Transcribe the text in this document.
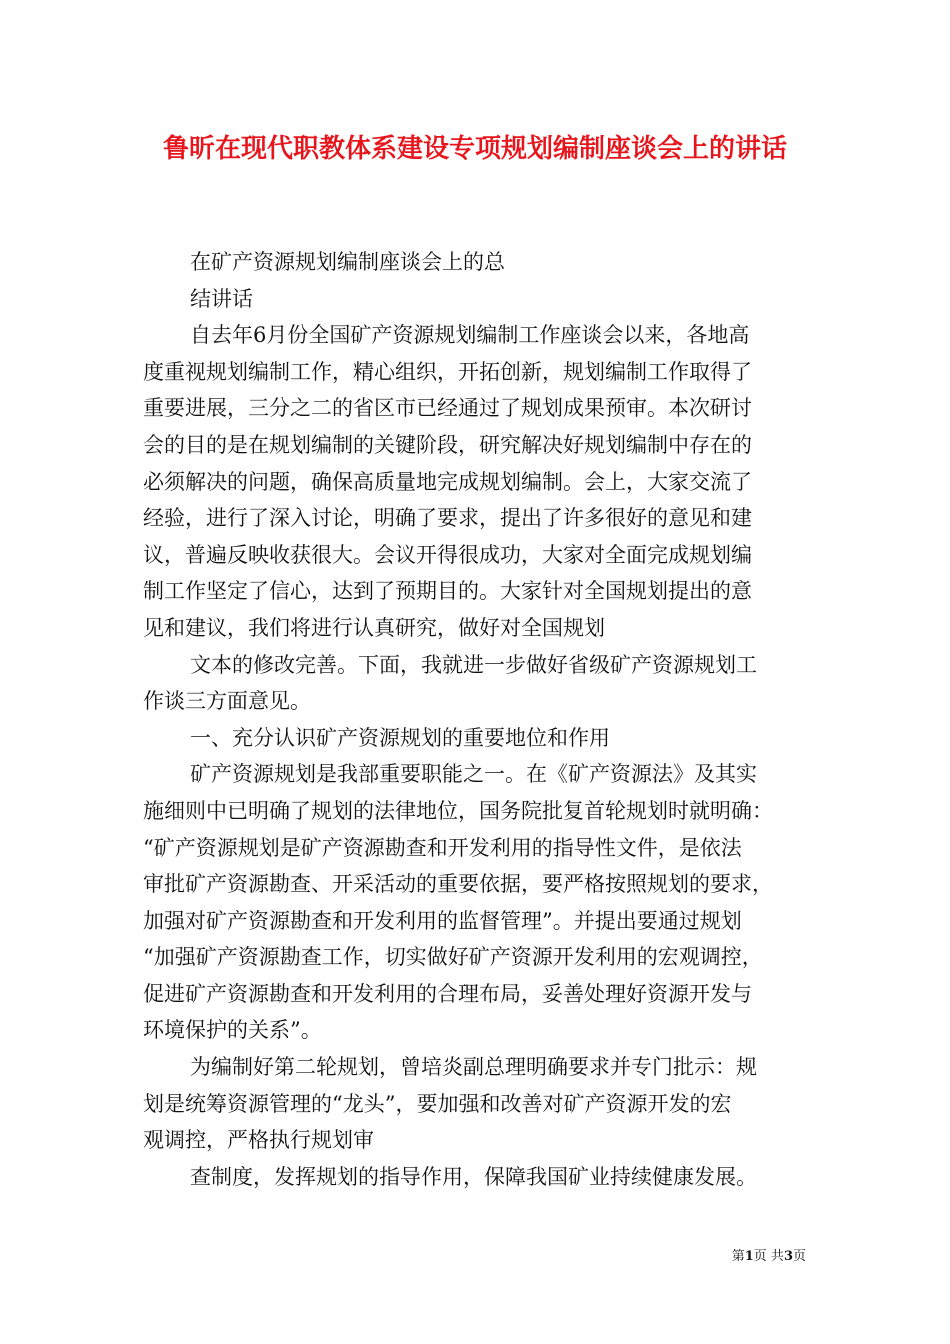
鲁昕在现代职教体系建设专项规划编制座谈会上的讲话
在矿产资源规划编制座谈会上的总
结讲话
自去年6月份全国矿产资源规划编制工作座谈会以来，各地高
度重视规划编制工作，精心组织，开拓创新，规划编制工作取得了
重要进展，三分之二的省区市已经通过了规划成果预审。本次研讨
会的目的是在规划编制的关键阶段，研究解决好规划编制中存在的
必须解决的问题，确保高质量地完成规划编制。会上，大家交流了
经验，进行了深入讨论，明确了要求，提出了许多很好的意见和建
议，普遍反映收获很大。会议开得很成功，大家对全面完成规划编
制工作坚定了信心，达到了预期目的。大家针对全国规划提出的意
见和建议，我们将进行认真研究，做好对全国规划
文本的修改完善。下面，我就进一步做好省级矿产资源规划工
作谈三方面意见。
一、充分认识矿产资源规划的重要地位和作用
矿产资源规划是我部重要职能之一。在《矿产资源法》及其实
施细则中已明确了规划的法律地位，国务院批复首轮规划时就明确：
“矿产资源规划是矿产资源勘查和开发利用的指导性文件，是依法
审批矿产资源勘查、开采活动的重要依据，要严格按照规划的要求，
加强对矿产资源勘查和开发利用的监督管理”。并提出要通过规划
“加强矿产资源勘查工作，切实做好矿产资源开发利用的宏观调控，
促进矿产资源勘查和开发利用的合理布局，妥善处理好资源开发与
环境保护的关系”。
为编制好第二轮规划，曾培炎副总理明确要求并专门批示：规
划是统筹资源管理的“龙头”，要加强和改善对矿产资源开发的宏
观调控，严格执行规划审
查制度，发挥规划的指导作用，保障我国矿业持续健康发展。
第1页 共3页
